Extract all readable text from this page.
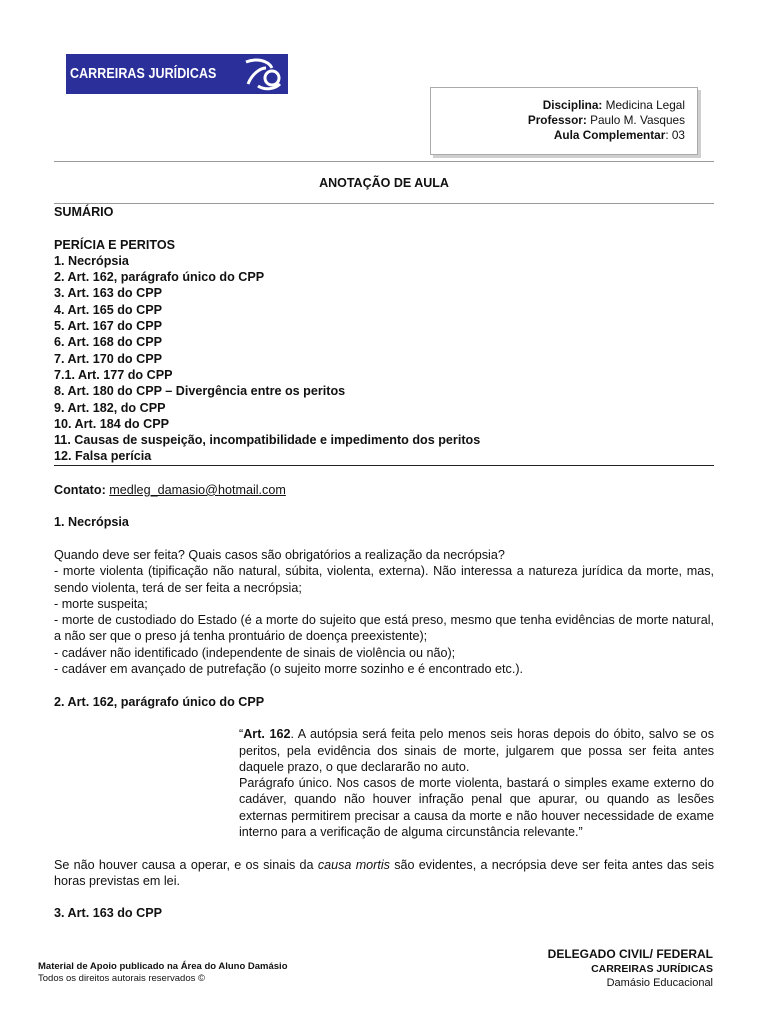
CARREIRAS JURÍDICAS
Disciplina: Medicina Legal
Professor: Paulo M. Vasques
Aula Complementar: 03
ANOTAÇÃO DE AULA
SUMÁRIO
PERÍCIA E PERITOS
1. Necrópsia
2. Art. 162, parágrafo único do CPP
3. Art. 163 do CPP
4. Art. 165 do CPP
5. Art. 167 do CPP
6. Art. 168 do CPP
7. Art. 170 do CPP
7.1. Art. 177 do CPP
8. Art. 180 do CPP – Divergência entre os peritos
9. Art. 182, do CPP
10. Art. 184 do CPP
11. Causas de suspeição, incompatibilidade e impedimento dos peritos
12. Falsa perícia
Contato: medleg_damasio@hotmail.com
1. Necrópsia
Quando deve ser feita? Quais casos são obrigatórios a realização da necrópsia?
- morte violenta (tipificação não natural, súbita, violenta, externa). Não interessa a natureza jurídica da morte, mas, sendo violenta, terá de ser feita a necrópsia;
- morte suspeita;
- morte de custodiado do Estado (é a morte do sujeito que está preso, mesmo que tenha evidências de morte natural, a não ser que o preso já tenha prontuário de doença preexistente);
- cadáver não identificado (independente de sinais de violência ou não);
- cadáver em avançado de putrefação (o sujeito morre sozinho e é encontrado etc.).
2. Art. 162, parágrafo único do CPP
“Art. 162. A autópsia será feita pelo menos seis horas depois do óbito, salvo se os peritos, pela evidência dos sinais de morte, julgarem que possa ser feita antes daquele prazo, o que declararão no auto.
Parágrafo único. Nos casos de morte violenta, bastará o simples exame externo do cadáver, quando não houver infração penal que apurar, ou quando as lesões externas permitirem precisar a causa da morte e não houver necessidade de exame interno para a verificação de alguma circunstância relevante.”
Se não houver causa a operar, e os sinais da causa mortis são evidentes, a necrópsia deve ser feita antes das seis horas previstas em lei.
3. Art. 163 do CPP
Material de Apoio publicado na Área do Aluno Damásio
Todos os direitos autorais reservados ©
DELEGADO CIVIL/ FEDERAL
CARREIRAS JURÍDICAS
Damásio Educacional
